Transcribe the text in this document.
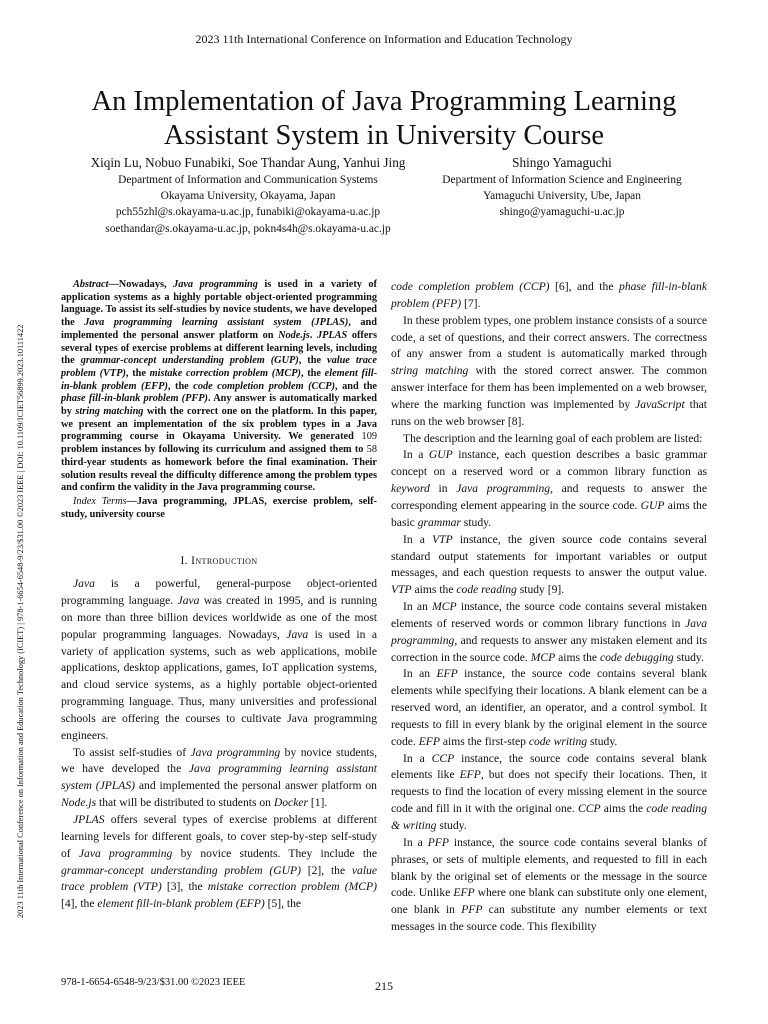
2023 11th International Conference on Information and Education Technology
2023 11th International Conference on Information and Education Technology (ICIET) | 978-1-6654-6548-9/23/$31.00 ©2023 IEEE | DOI: 10.1109/ICIET56899.2023.10111422
An Implementation of Java Programming Learning
Assistant System in University Course
Xiqin Lu, Nobuo Funabiki, Soe Thandar Aung, Yanhui Jing
Department of Information and Communication Systems
Okayama University, Okayama, Japan
pch55zhl@s.okayama-u.ac.jp, funabiki@okayama-u.ac.jp
soethandar@s.okayama-u.ac.jp, pokn4s4h@s.okayama-u.ac.jp
Shingo Yamaguchi
Department of Information Science and Engineering
Yamaguchi University, Ube, Japan
shingo@yamaguchi-u.ac.jp

Abstract—Nowadays, Java programming is used in a variety of application systems as a highly portable object-oriented programming language. To assist its self-studies by novice students, we have developed the Java programming learning assistant system (JPLAS), and implemented the personal answer platform on Node.js. JPLAS offers several types of exercise problems at different learning levels, including the grammar-concept understanding problem (GUP), the value trace problem (VTP), the mistake correction problem (MCP), the element fill-in-blank problem (EFP), the code completion problem (CCP), and the phase fill-in-blank problem (PFP). Any answer is automatically marked by string matching with the correct one on the platform. In this paper, we present an implementation of the six problem types in a Java programming course in Okayama University. We generated 109 problem instances by following its curriculum and assigned them to 58 third-year students as homework before the final examination. Their solution results reveal the difficulty difference among the problem types and confirm the validity in the Java programming course.

Index Terms—Java programming, JPLAS, exercise problem, self-study, university course

I. Introduction

Java is a powerful, general-purpose object-oriented programming language. Java was created in 1995, and is running on more than three billion devices worldwide as one of the most popular programming languages. Nowadays, Java is used in a variety of application systems, such as web applications, mobile applications, desktop applications, games, IoT application systems, and cloud service systems, as a highly portable object-oriented programming language. Thus, many universities and professional schools are offering the courses to cultivate Java programming engineers.

To assist self-studies of Java programming by novice students, we have developed the Java programming learning assistant system (JPLAS) and implemented the personal answer platform on Node.js that will be distributed to students on Docker [1].

JPLAS offers several types of exercise problems at different learning levels for different goals, to cover step-by-step self-study of Java programming by novice students. They include the grammar-concept understanding problem (GUP) [2], the value trace problem (VTP) [3], the mistake correction problem (MCP) [4], the element fill-in-blank problem (EFP) [5], the

code completion problem (CCP) [6], and the phase fill-in-blank problem (PFP) [7].

In these problem types, one problem instance consists of a source code, a set of questions, and their correct answers. The correctness of any answer from a student is automatically marked through string matching with the stored correct answer. The common answer interface for them has been implemented on a web browser, where the marking function was implemented by JavaScript that runs on the web browser [8].

The description and the learning goal of each problem are listed:

In a GUP instance, each question describes a basic grammar concept on a reserved word or a common library function as keyword in Java programming, and requests to answer the corresponding element appearing in the source code. GUP aims the basic grammar study.

In a VTP instance, the given source code contains several standard output statements for important variables or output messages, and each question requests to answer the output value. VTP aims the code reading study [9].

In an MCP instance, the source code contains several mistaken elements of reserved words or common library functions in Java programming, and requests to answer any mistaken element and its correction in the source code. MCP aims the code debugging study.

In an EFP instance, the source code contains several blank elements while specifying their locations. A blank element can be a reserved word, an identifier, an operator, and a control symbol. It requests to fill in every blank by the original element in the source code. EFP aims the first-step code writing study.

In a CCP instance, the source code contains several blank elements like EFP, but does not specify their locations. Then, it requests to find the location of every missing element in the source code and fill in it with the original one. CCP aims the code reading & writing study.

In a PFP instance, the source code contains several blanks of phrases, or sets of multiple elements, and requested to fill in each blank by the original set of elements or the message in the source code. Unlike EFP where one blank can substitute only one element, one blank in PFP can substitute any number elements or text messages in the source code. This flexibility

978-1-6654-6548-9/23/$31.00 ©2023 IEEE	215
